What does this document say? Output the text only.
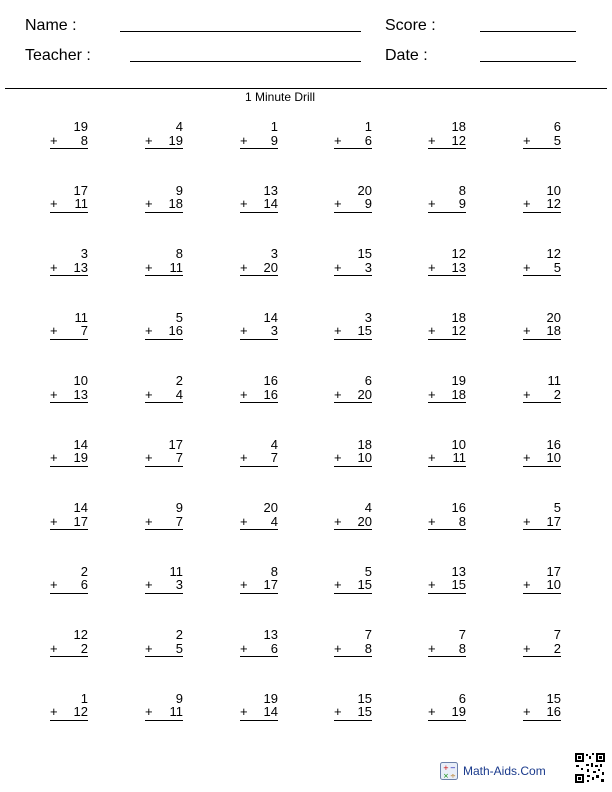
Name :
Teacher :
Score :
Date :
1 Minute Drill
19
+ 8
4
+ 19
1
+ 9
1
+ 6
18
+ 12
6
+ 5
17
+ 11
9
+ 18
13
+ 14
20
+ 9
8
+ 9
10
+ 12
3
+ 13
8
+ 11
3
+ 20
15
+ 3
12
+ 13
12
+ 5
11
+ 7
5
+ 16
14
+ 3
3
+ 15
18
+ 12
20
+ 18
10
+ 13
2
+ 4
16
+ 16
6
+ 20
19
+ 18
11
+ 2
14
+ 19
17
+ 7
4
+ 7
18
+ 10
10
+ 11
16
+ 10
14
+ 17
9
+ 7
20
+ 4
4
+ 20
16
+ 8
5
+ 17
2
+ 6
11
+ 3
8
+ 17
5
+ 15
13
+ 15
17
+ 10
12
+ 2
2
+ 5
13
+ 6
7
+ 8
7
+ 8
7
+ 2
1
+ 12
9
+ 11
19
+ 14
15
+ 15
6
+ 19
15
+ 16
+ −
× ÷ Math-Aids.Com
